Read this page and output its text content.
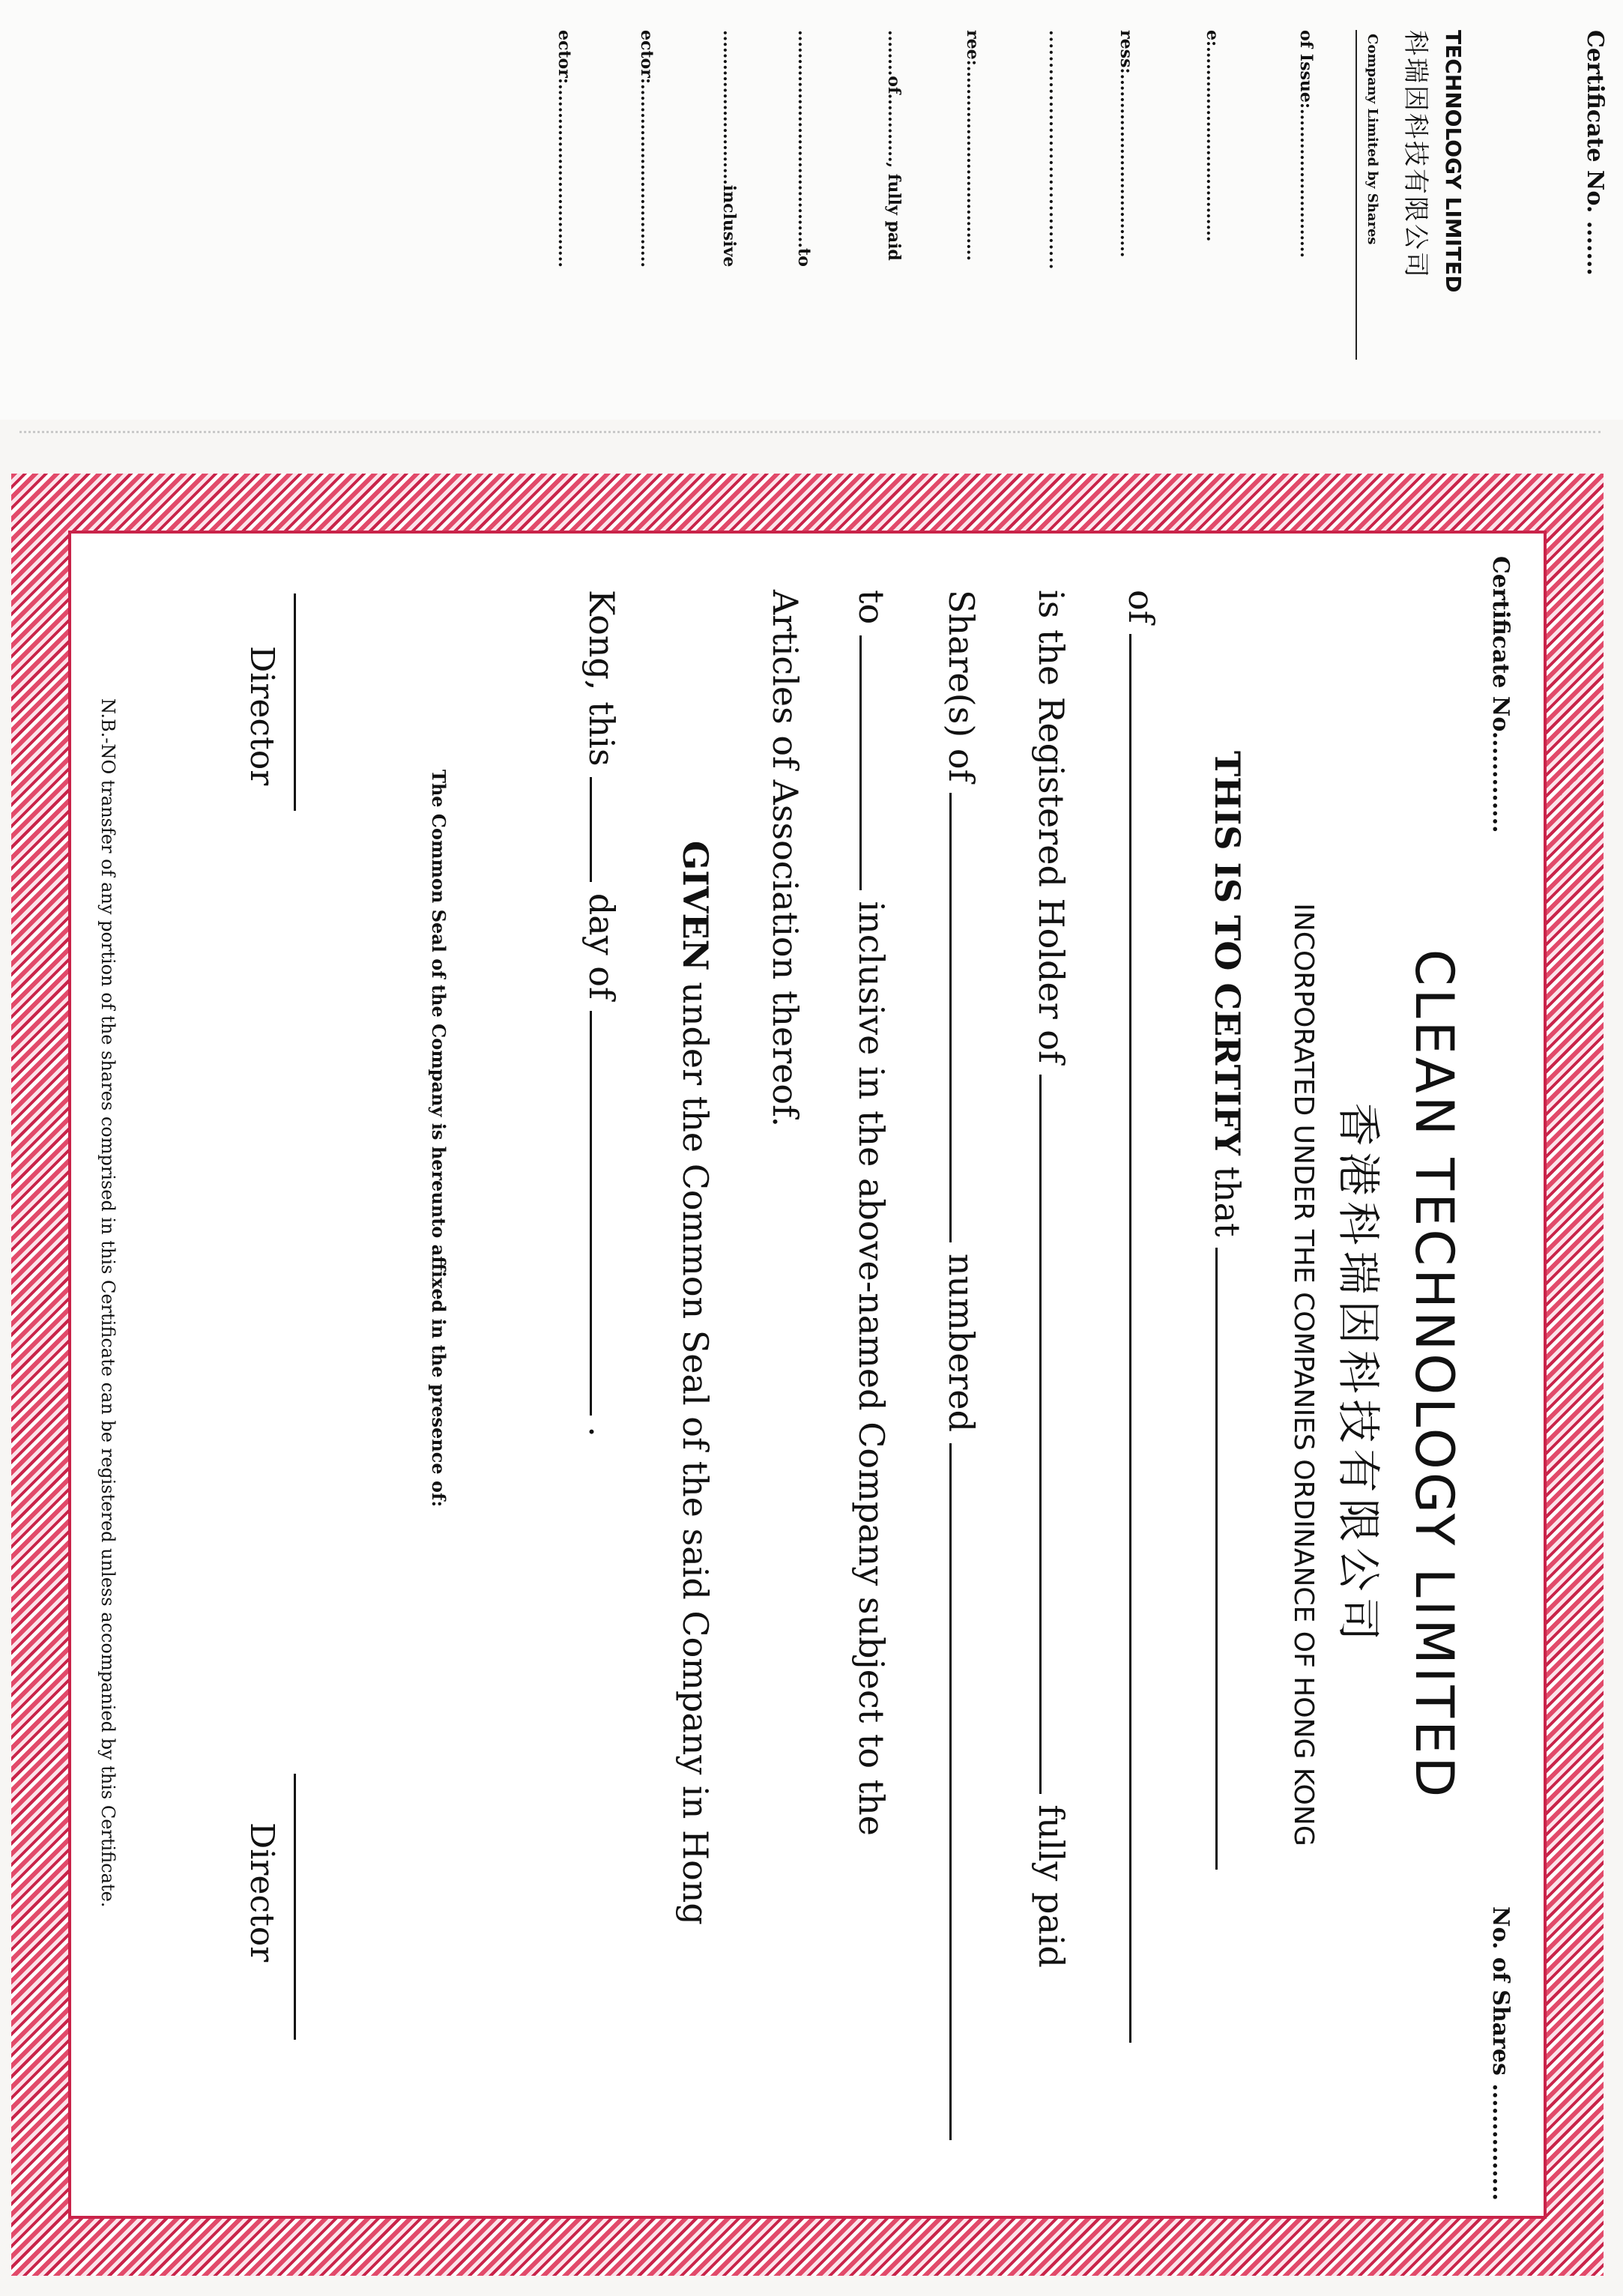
Certificate No. .......
TECHNOLOGY LIMITED
科瑞因科技有限公司
Company Limited by Shares
of Issue:..........................
e:..................................
ress:................................
.....................................
ree:..................................
........of............, fully paid
......................................to
...........................inclusive
ector:................................
ector:................................
Certificate No.............
No. of Shares ...............
CLEAN TECHNOLOGY LIMITED
香港科瑞因科技有限公司
INCORPORATED UNDER THE COMPANIES ORDINANCE OF HONG KONG
THIS IS TO CERTIFY that
of
is the Registered Holder of  fully paid
Share(s) of  numbered
to  inclusive in the above-named Company subject to the
Articles of Association thereof.
GIVEN under the Common Seal of the said Company in Hong
Kong, this  day of  .
The Common Seal of the Company is hereunto affixed in the presence of:
Director
Director
N.B.-NO transfer of any portion of the shares comprised in this Certificate can be registered unless accompanied by this Certificate.
